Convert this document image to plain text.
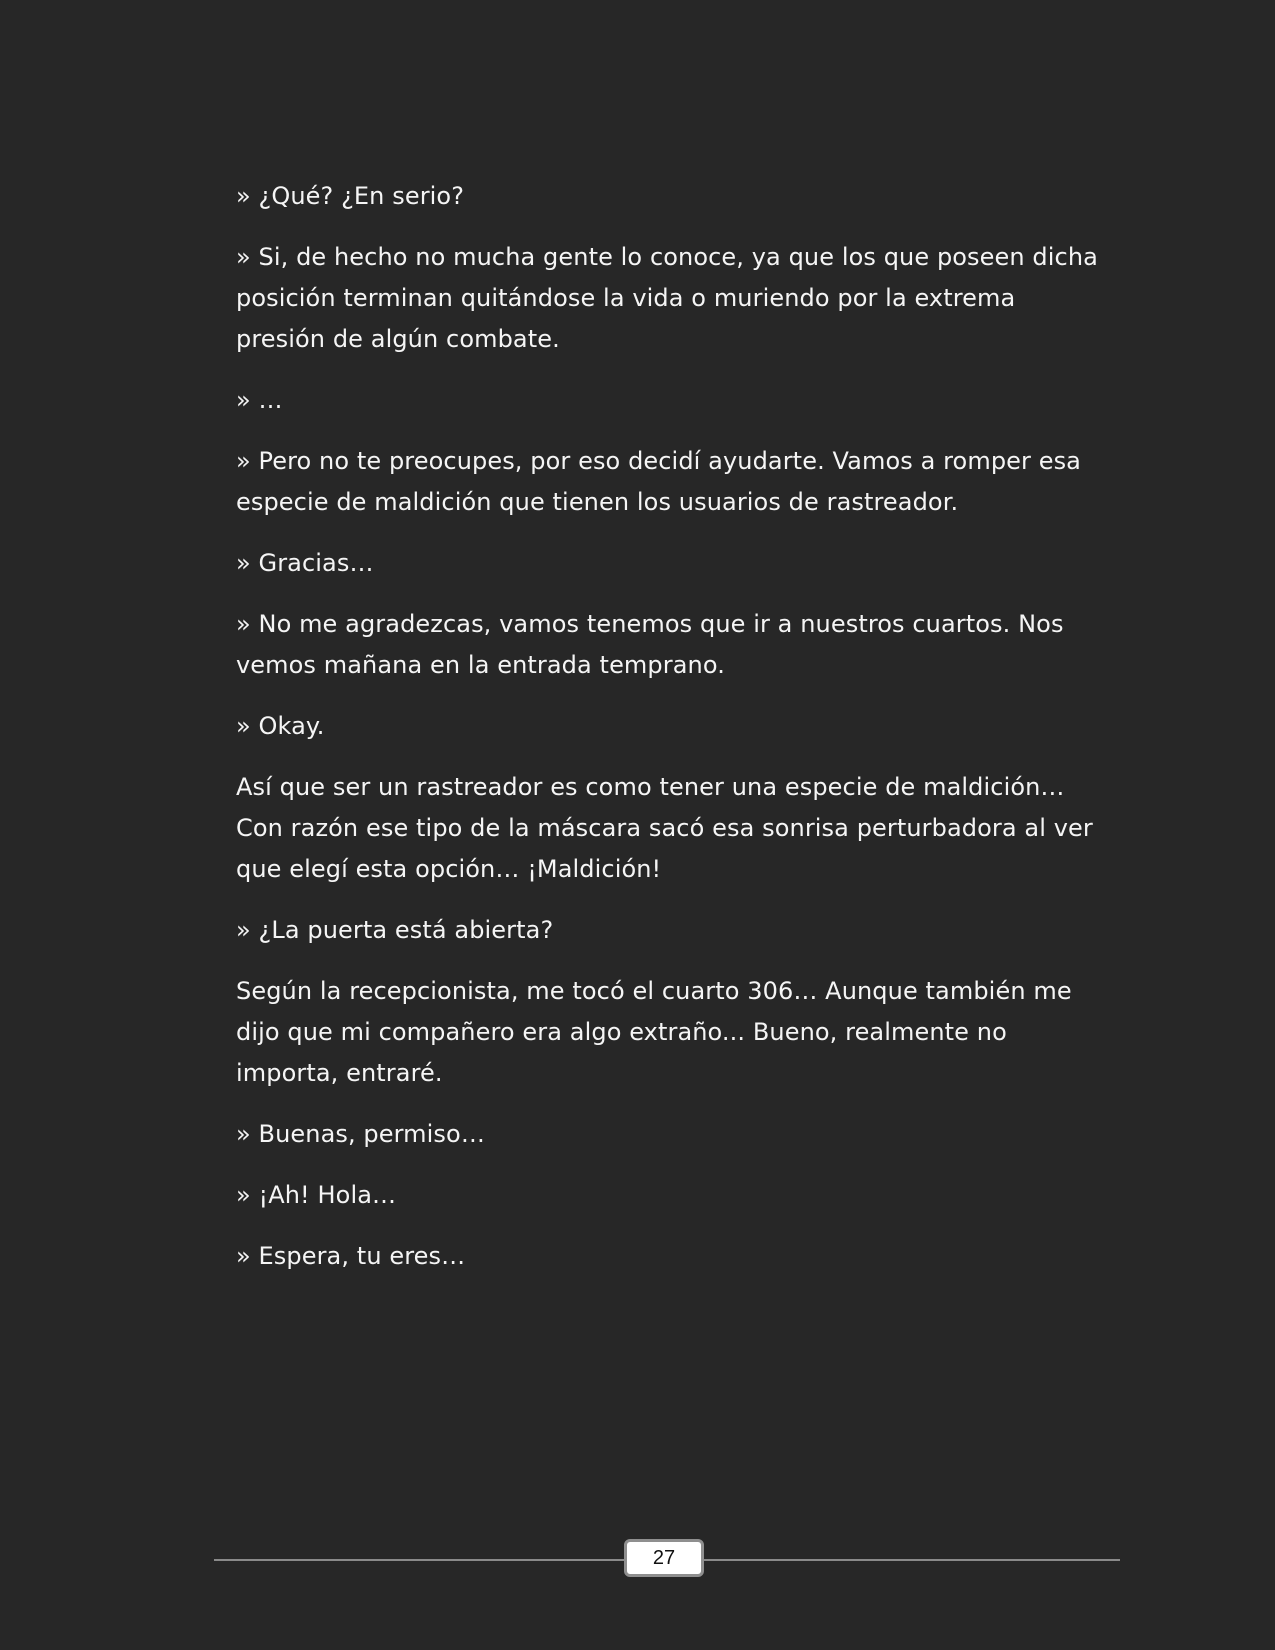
» ¿Qué? ¿En serio?

» Si, de hecho no mucha gente lo conoce, ya que los que poseen dicha posición terminan quitándose la vida o muriendo por la extrema presión de algún combate.

» …

» Pero no te preocupes, por eso decidí ayudarte. Vamos a romper esa especie de maldición que tienen los usuarios de rastreador.

» Gracias…

» No me agradezcas, vamos tenemos que ir a nuestros cuartos. Nos vemos mañana en la entrada temprano.

» Okay.

Así que ser un rastreador es como tener una especie de maldición… Con razón ese tipo de la máscara sacó esa sonrisa perturbadora al ver que elegí esta opción… ¡Maldición!

» ¿La puerta está abierta?

Según la recepcionista, me tocó el cuarto 306… Aunque también me dijo que mi compañero era algo extraño... Bueno, realmente no importa, entraré.

» Buenas, permiso…

» ¡Ah! Hola…

» Espera, tu eres…

27
